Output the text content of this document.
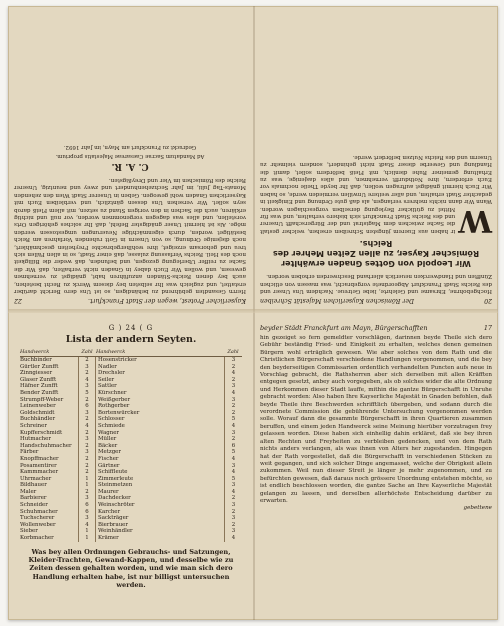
Kayserlicher Protest, wegen der Stadt Franckfurt.
22
Herrn Gesandten gebührend zu behändigen, so ist Uns dero Bericht darüber erstattet, und zugleich was Ihr selbsten bey diesem Werck zu Recht bestehen, auch bey denen Reichs-Ständen anzuführen habt, gnädigst zu vernehmen gewesen, und wollen Wir Euch dabey in Gnaden nicht verhalten, daß Wir die Sache zu reiffer Uberlegung gezogen, und befunden, daß weder die Billigkeit noch des Heil. Reichs Verfassung zulasse, daß einer Stadt, so in allen Fällen sich treu und gehorsam erzeiget, ihre wohlhergebrachte Freyheiten geschmählert, noch diejenige Ordnung, so von Unsern in Gott ruhenden Vorfahren am Reich bestätiget worden, durch eigenmächtige Neuerungen umgestossen werden möge. Als ist hiermit Unser gnädigster Befehl, daß Ihr solches gehörigen Orts vorstellen, und alles was dagegen vorgenommen worden, vor null und nichtig erklären, auch die Sachen in den vorigen Stand zu setzen, mit allem Fleiß darob seyn sollet. Wir versehen Uns dessen gäntzlich, und verbleiben Euch mit Kayserlichen Gnaden wohl gewogen. Geben in Unserer Stadt Wien den zehenden Monats-Tag Julii, im Jahr Sechzehenhundert und zwey und neuntzig, Unserer Reiche des Römischen im Vier und Dreyßigsten.
C. A. R.
Ad Mandatum Sacrae Caesareae Majestatis proprium.
Gedruckt zu Franckfurt am Mayn, im Jahr 1692.
20
Der Römischen Kayserlichen Majestät Schreiben
Hochgebohrne, Ehrsame und Gelehrte, liebe Getreue. Nachdem Uns Unser und des Reichs Stadt Franckfurt Abgeordnete vorgebracht, was massen von etlichen Zünfften und Handwercken neuerlich allerhand Beschwerden erhoben worden.
Wir Leopold von Gottes Gnaden erwählter Römischer Kayser, zu allen Zeiten Mehrer des Reichs.
W
ir haben aus Euerem jüngsten Schreiben ersehen, welcher gestalt die Sache zwischen dem Magistrat und der Bürgerschafft Unserer und des Reichs Stadt Franckfurt sich bishero verhalten, und was für Mittel zu gütlicher Beylegung derselben vorgeschlagen worden. Wann Wir dann nichts mehrers verlangen, als daß gute Ordnung und Einigkeit in gedachter Stadt erhalten, und aller weitere Unwillen vermieden werde, so haben Wir Euch hiermit gnädigst auftragen wollen, daß Ihr beyde Theile nochmals vor Euch erfordern, ihre Nothdurfft vernehmen, und alles dasjenige, was zu Erhaltung gemeiner Ruhe dienlich, mit Fleiß befördern sollet, damit die Handlung und Gewerbe dieser Stadt nicht gehindert, sondern vielmehr zu Unserm und des Reichs Nutzen befördert werde.
G ) 24 ( G
Lista der andern Seyten.
Handwerck	Zahl Handwerck	Zahl
Buchbinder	2	Hosenstricker	3
Gürtler Zunfft	3	Nadler	2
Zinngiesser	2	Drechsler	4
Glaser Zunfft	4	Seiler	2
Häfner Zunfft	3	Sattler	3
Bender Zunfft	5	Kürschner	4
Strumpff-Weber	2	Weißgerber	3
Leinenweber	6	Rothgerber	2
Goldschmidt	3	Bortenwürcker	2
Buchhändler	2	Schlosser	5
Schreiner	4	Schmiede	4
Kupfferschmidt	2	Wagner	3
Hutmacher	3	Müller	2
Handschuhmacher	2	Bäcker	6
Färber	3	Metzger	5
Knopffmacher	2	Fischer	4
Posamentirer	2	Gärtner	3
Kammmacher	2	Schiffleute	4
Uhrmacher	1	Zimmerleute	5
Bildhauer	1	Steinmetzen	3
Maler	2	Maurer	4
Barbierer	3	Dachdecker	2
Schneider	6	Weinschröter	3
Schuhmacher	6	Karcher	2
Tuchscherer	3	Sackträger	3
Wollenweber	4	Bierbrauer	2
Sieber	1	Weinhändler	3
Korbmacher	1	Krämer	4
Was bey allen Ordnungen Gebrauchs- und Satzungen, Kleider-Trachten, Gewand-Kappen, und desselbe wie zu Zeiten dessen gehalten worden, und wie man sich dero Handlung erhalten habe, ist nur billigst untersuchen werden.
beyder Städt Franckfurt am Mayn, Bürgerschafften	17
hin gezeiget so fern gemeldter vorschlägen, darinnen beyde Theile sich dero Gebühr beständig Fried- und Einigkeit zu erhalten, welches denen gemeinen Bürgern wohl erträglich gewesen. Wie aber solches von dem Rath und die Christlichen Bürgerschaft verschiedene Handlungen vorgenommen, und die bey den beyderseitigen Commissarien ordentlich verhandelten Puncten aufs neue in Vorschlag gebracht, die Rathsherren aber sich derselben mit allen Kräfften entgegen gesetzt, anbey auch vorgegeben, als ob solches wider die alte Ordnung und Herkommen dieser Stadt lauffe, mithin die gantze Bürgerschafft in Unruhe gebracht worden: Also haben Ihre Kayserliche Majestät in Gnaden befohlen, daß beyde Theile ihre Beschwerden schrifftlich übergeben, und sodann durch die verordnete Commission die gebührende Untersuchung vorgenommen werden solle. Worauf dann die gesammte Bürgerschafft in ihren Quartieren zusammen beruffen, und einem jeden Handwerck seine Meinung hierüber vorzutragen frey gelassen worden. Diese haben sich einhellig dahin erkläret, daß sie bey ihren alten Rechten und Freyheiten zu verbleiben gedencken, und von dem Rath nichts anders verlangen, als was ihnen von Alters her zugestanden. Hingegen hat der Rath vorgestellet, daß die Bürgerschafft in verschiedenen Stücken zu weit gegangen, und sich solcher Dinge angemasset, welche der Obrigkeit allein zukommen. Weil nun dieser Streit je länger je mehr zugenommen, und zu befürchten gewesen, daß daraus noch grössere Unordnung entstehen möchte, so ist endlich beschlossen worden, die gantze Sache an Ihre Kayserliche Majestät gelangen zu lassen, und derselben allerhöchste Entscheidung darüber zu erwarten.
gebettene
